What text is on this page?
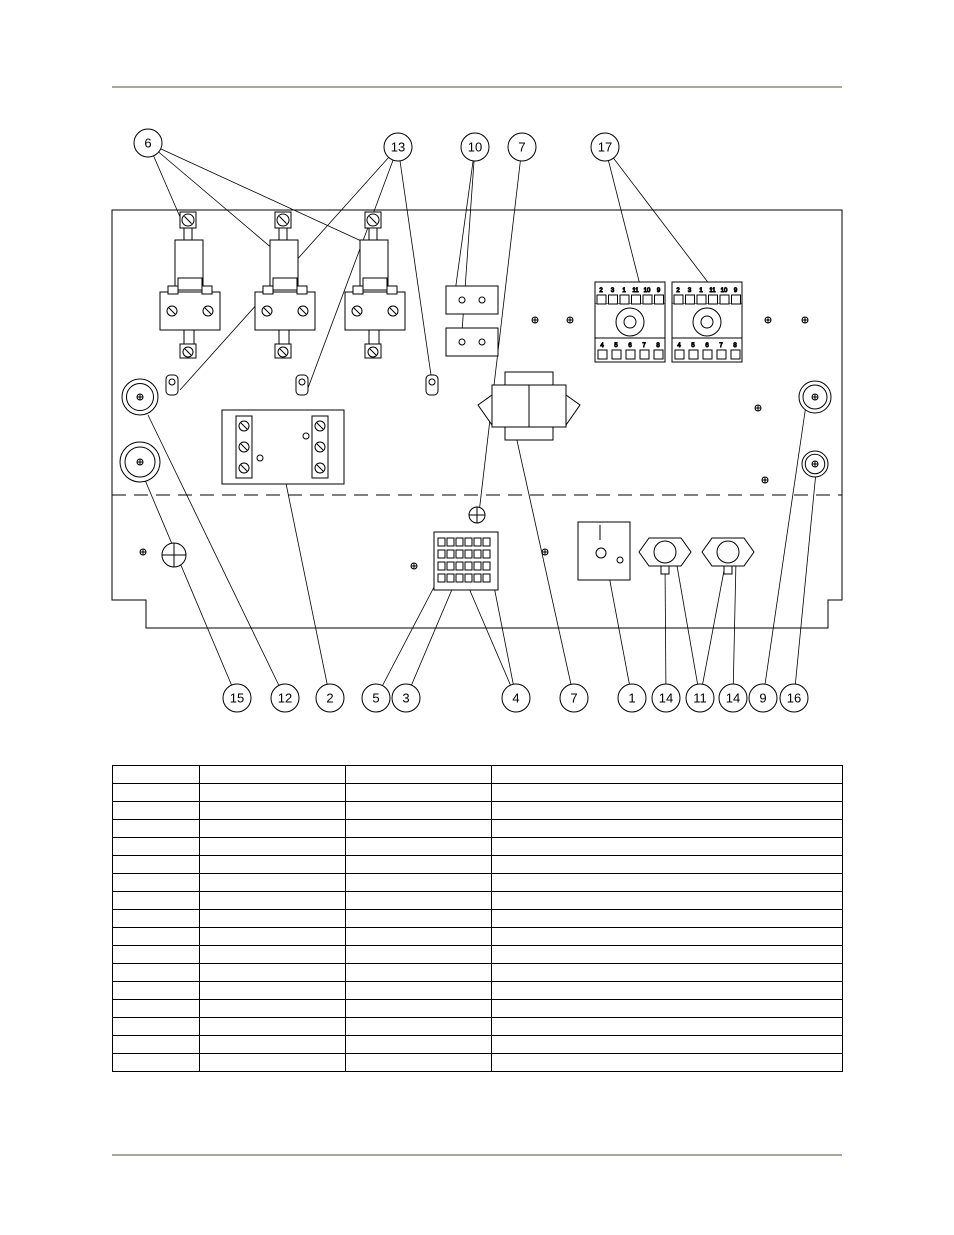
2 3 1 11 10 9
4 5 6 7 8
2 3 1 11 10 9
4 5 6 7 8
6	13	10	7	17
15	12	2	5 3	4	7	1 14 11 14 9 16
